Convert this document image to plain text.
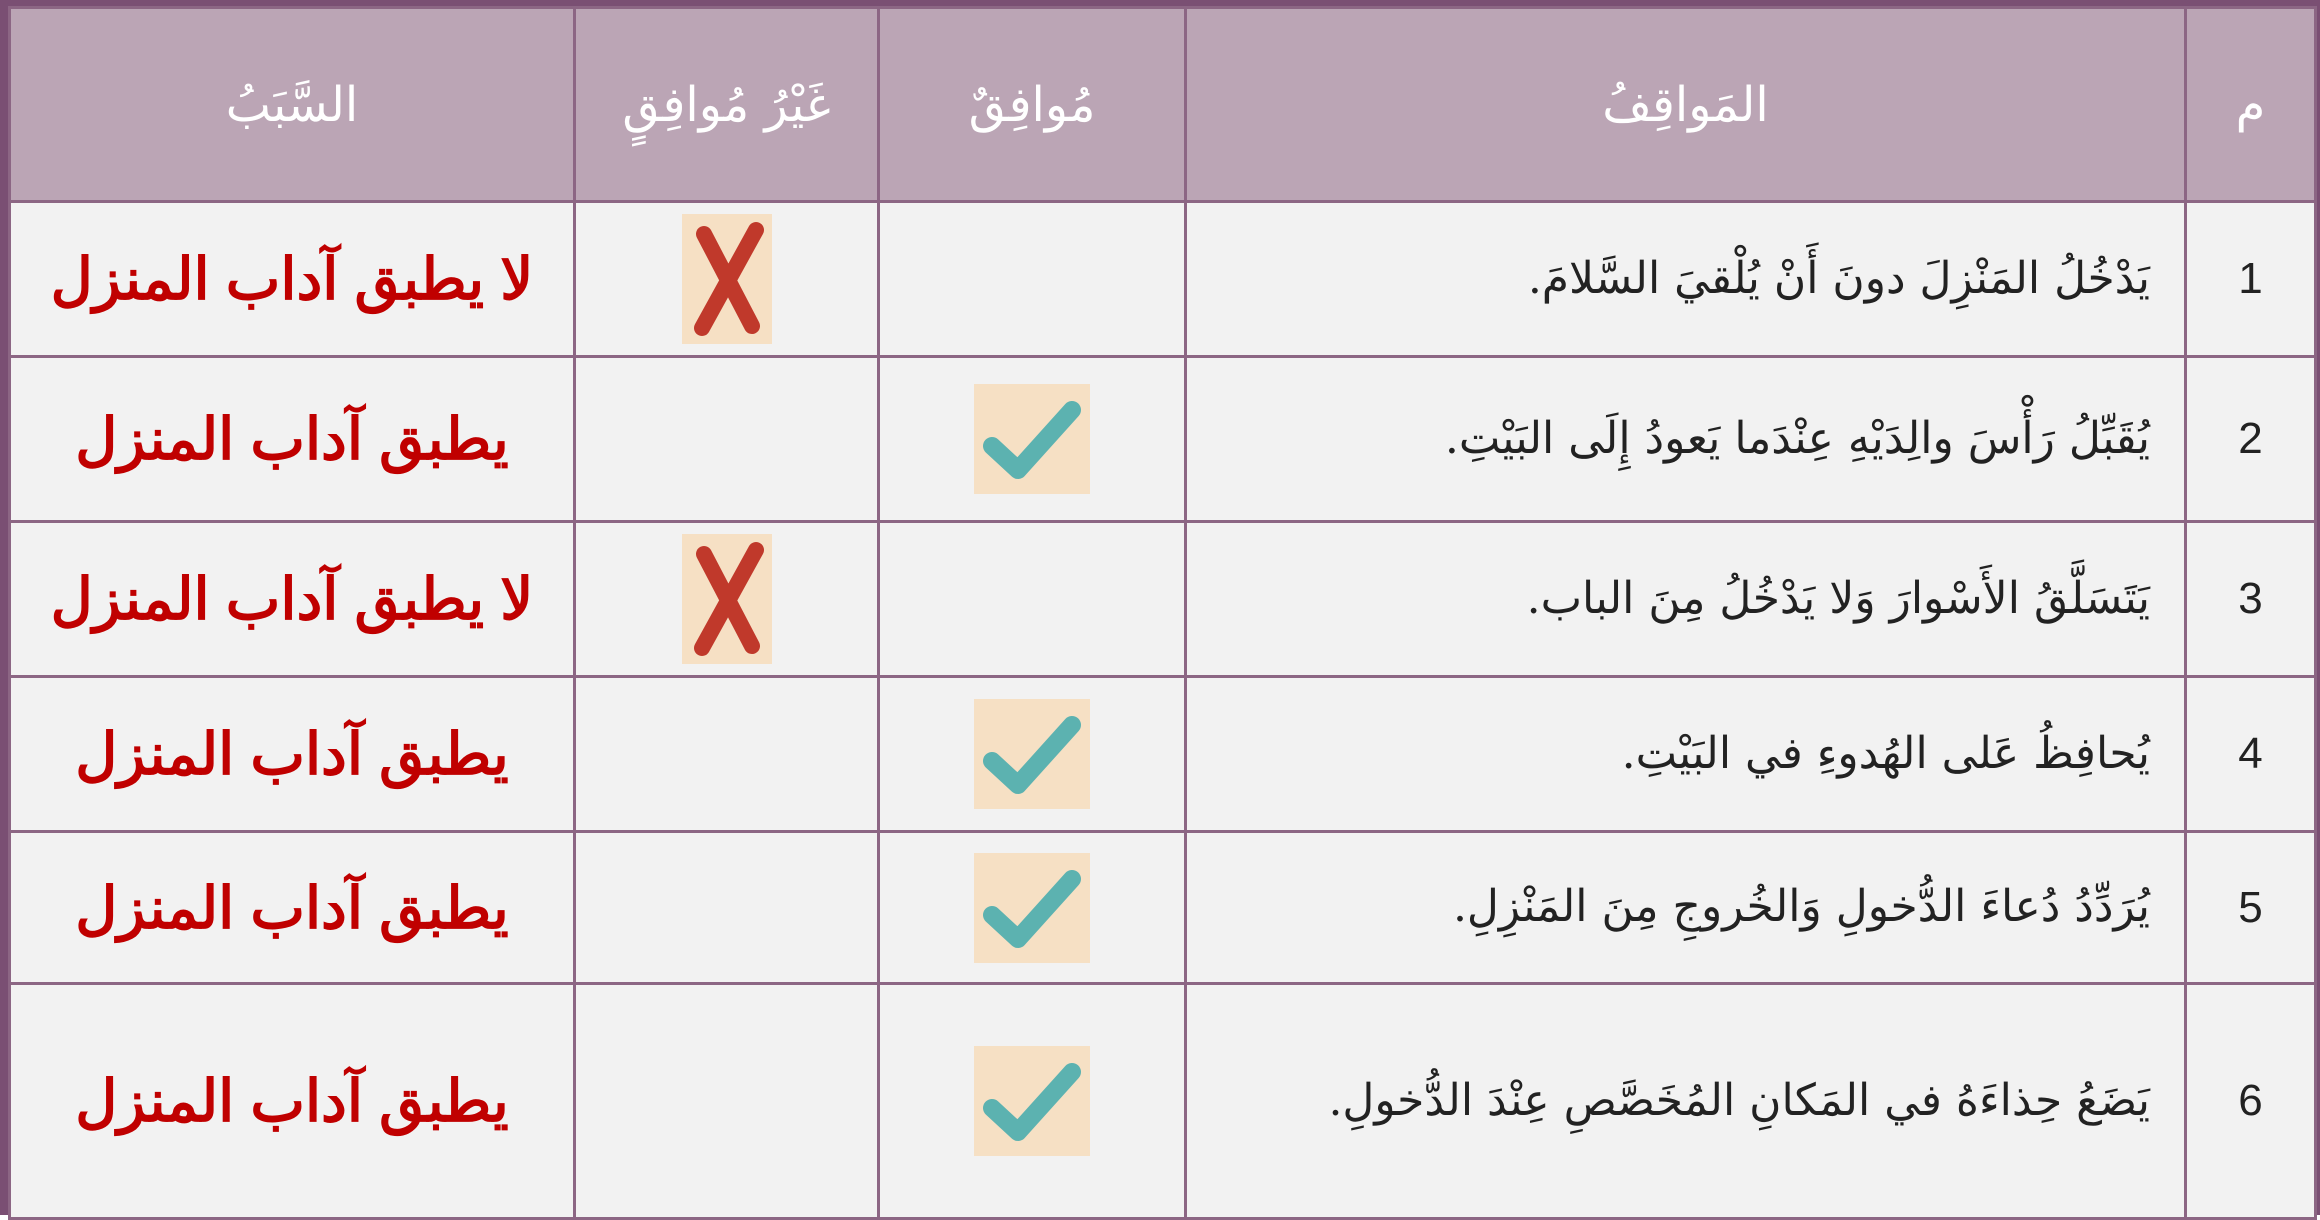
السَّبَبُ	غَيْرُ مُوافِقٍ	مُوافِقٌ	المَواقِفُ	م
لا يطبق آداب المنزل			يَدْخُلُ المَنْزِلَ دونَ أَنْ يُلْقيَ السَّلامَ.	1
يطبق آداب المنزل			يُقَبِّلُ رَأْسَ والِدَيْهِ عِنْدَما يَعودُ إِلَى البَيْتِ.	2
لا يطبق آداب المنزل			يَتَسَلَّقُ الأَسْوارَ وَلا يَدْخُلُ مِنَ الباب.	3
يطبق آداب المنزل			يُحافِظُ عَلى الهُدوءِ في البَيْتِ.	4
يطبق آداب المنزل			يُرَدِّدُ دُعاءَ الدُّخولِ وَالخُروجِ مِنَ المَنْزِلِ.	5
يطبق آداب المنزل			يَضَعُ حِذاءَهُ في المَكانِ المُخَصَّصِ عِنْدَ الدُّخولِ.	6
